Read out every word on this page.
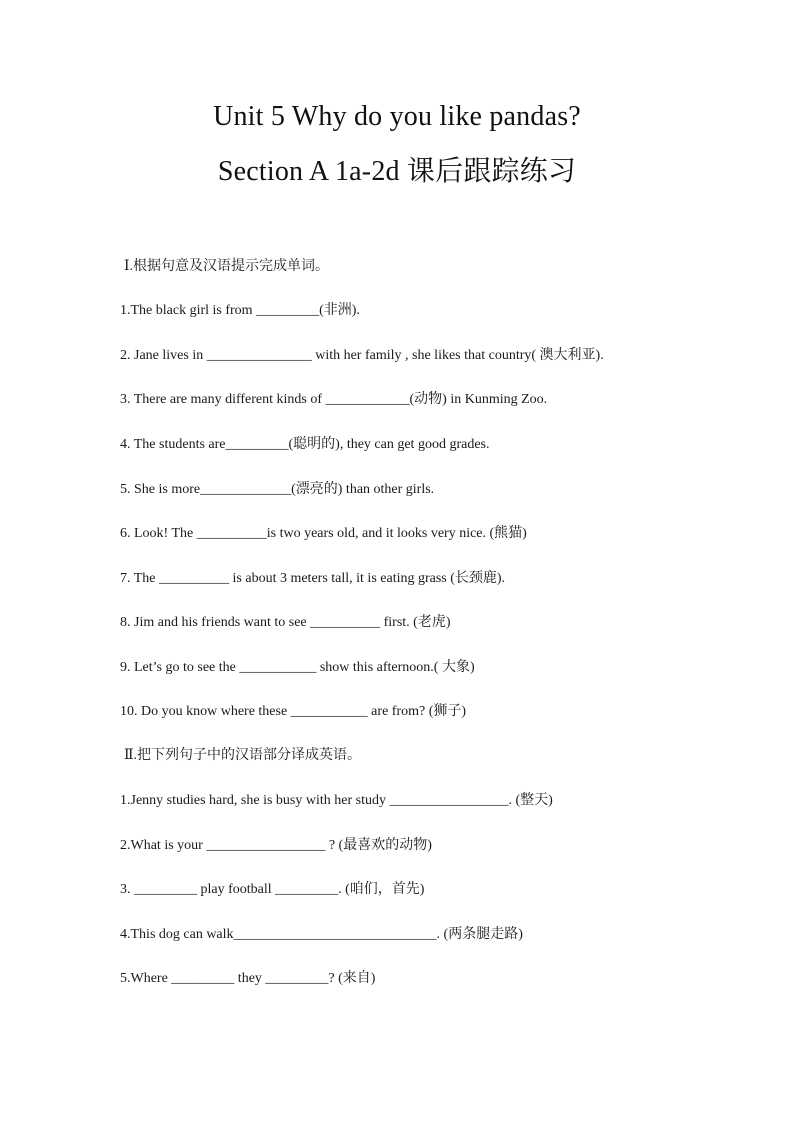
Unit 5 Why do you like pandas?
Section A 1a-2d 课后跟踪练习
Ⅰ.根据句意及汉语提示完成单词。
1.The black girl is from _________(非洲).
2. Jane lives in _______________ with her family , she likes that country( 澳大利亚).
3. There are many different kinds of ____________(动物) in Kunming Zoo.
4. The students are_________(聪明的), they can get good grades.
5. She is more_____________(漂亮的) than other girls.
6. Look! The __________is two years old, and it looks very nice. (熊猫)
7. The __________ is about 3 meters tall, it is eating grass (长颈鹿).
8. Jim and his friends want to see __________ first. (老虎)
9. Let’s go to see the ___________ show this afternoon.( 大象)
10. Do you know where these ___________ are from? (狮子)
Ⅱ.把下列句子中的汉语部分译成英语。
1.Jenny studies hard, she is busy with her study _________________. (整天)
2.What is your _________________ ? (最喜欢的动物)
3. _________ play football _________. (咱们，首先)
4.This dog can walk_____________________________. (两条腿走路)
5.Where _________ they _________? (来自)
